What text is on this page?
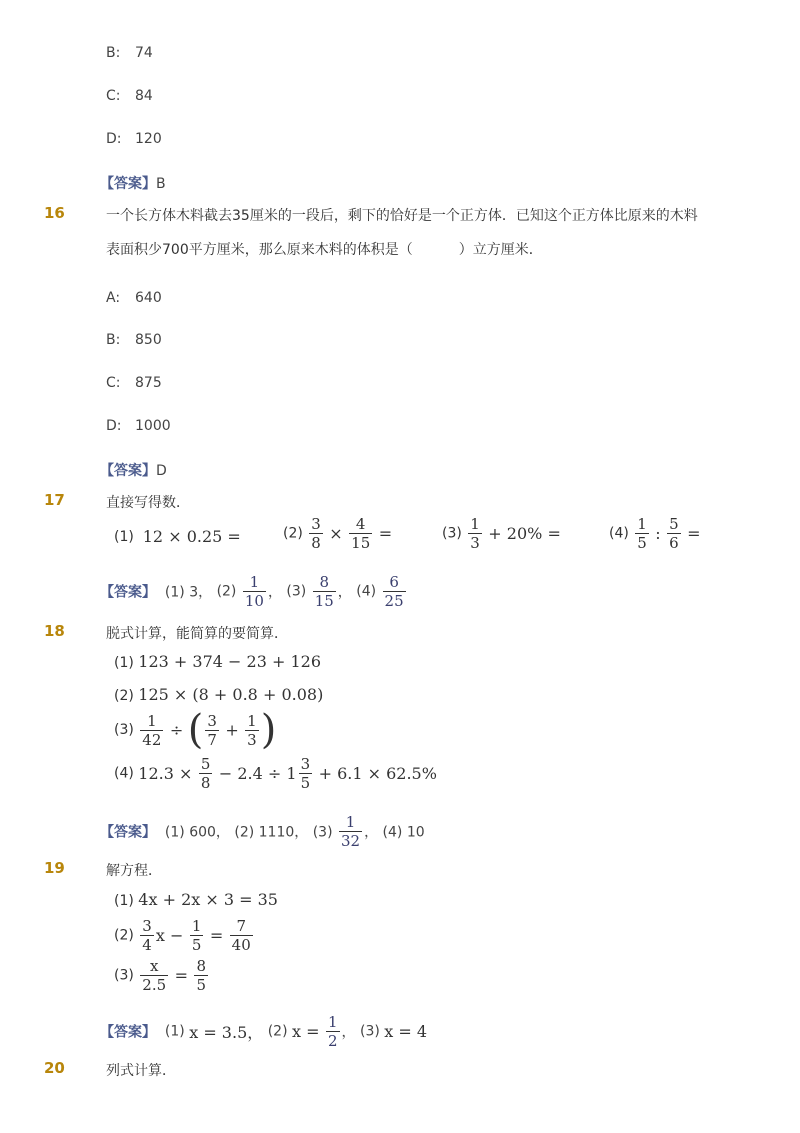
B: 74
C: 84
D: 120
【答案】B
16	一个长方体木料截去35厘米的一段后，剩下的恰好是一个正方体．已知这个正方体比原来的木料
表面积少700平方厘米，那么原来木料的体积是（	）立方厘米．
A: 640
B: 850
C: 875
D: 1000
【答案】D
17	直接写得数．
(1) 12 × 0.25 =	$(2) \frac{3}{8} \times \frac{4}{15}$ =	$(3) \frac{1}{3} + 20\%$ =	$(4) \frac{1}{5}$ : $\frac{5}{6}$ =
【答案】 (1) 3， $(2) \frac{1}{10}$ ， $(3) \frac{8}{15}$ ， $(4) \frac{6}{25}$
18	脱式计算，能简算的要简算．
(1) 123 + 374 − 23 + 126
(2) 125 × (8 + 0.8 + 0.08)
$(3) \frac{1}{42}$ ÷ ( $\frac{3}{7} + \frac{1}{3}$ )
(4) $12.3 \times \frac{5}{8} - 2.4 \div 1 \frac{3}{5} + 6.1 \times 62.5\%$
【答案】 (1) 600， (2) 1110， $(3) \frac{1}{32}$ ， (4) 10
19	解方程．
(1) 4x + 2x × 3 = 35
$(2) \frac{3}{4}$ $x - \frac{1}{5} = \frac{7}{40}$
$(3) \frac{x}{2.5} = \frac{8}{5}$
【答案】 (1) x = 3.5， (2) $x = \frac{1}{2}$ ， (3) x = 4
20	列式计算．
